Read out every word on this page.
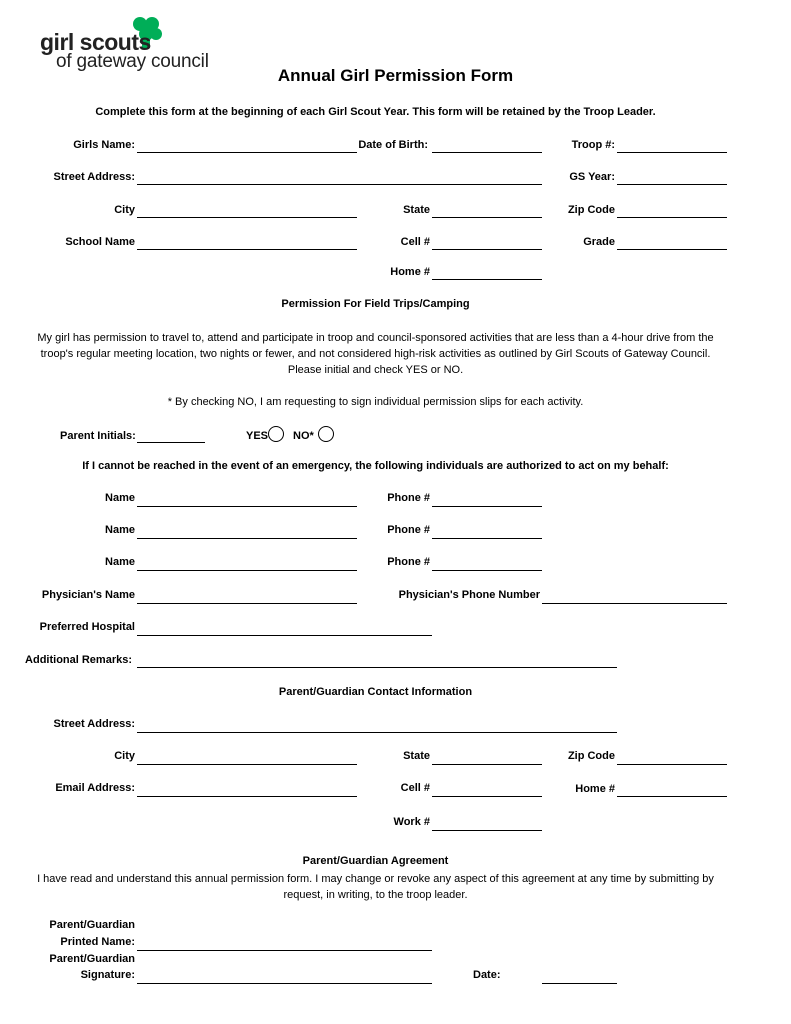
girl scouts
of gateway council
Annual Girl Permission Form
Complete this form at the beginning of each Girl Scout Year. This form will be retained by the Troop Leader.
Girls Name:	Date of Birth:	Troop #:
Street Address:	GS Year:
City	State	Zip Code
School Name	Cell #	Grade
Home #
Permission For Field Trips/Camping
My girl has permission to travel to, attend and participate in troop and council-sponsored activities that are less than a 4-hour drive from the troop's regular meeting location, two nights or fewer, and not considered high-risk activities as outlined by Girl Scouts of Gateway Council. Please initial and check YES or NO.
* By checking NO, I am requesting to sign individual permission slips for each activity.
Parent Initials:	YES NO*
If I cannot be reached in the event of an emergency, the following individuals are authorized to act on my behalf:
Name	Phone #
Name	Phone #
Name	Phone #
Physician's Name	Physician's Phone Number
Preferred Hospital
Additional Remarks:
Parent/Guardian Contact Information
Street Address:
City	State	Zip Code
Email Address:	Cell #	Home #
Work #
Parent/Guardian Agreement
I have read and understand this annual permission form. I may change or revoke any aspect of this agreement at any time by submitting by request, in writing, to the troop leader.
Parent/Guardian
Printed Name:
Parent/Guardian
Signature:	Date:
